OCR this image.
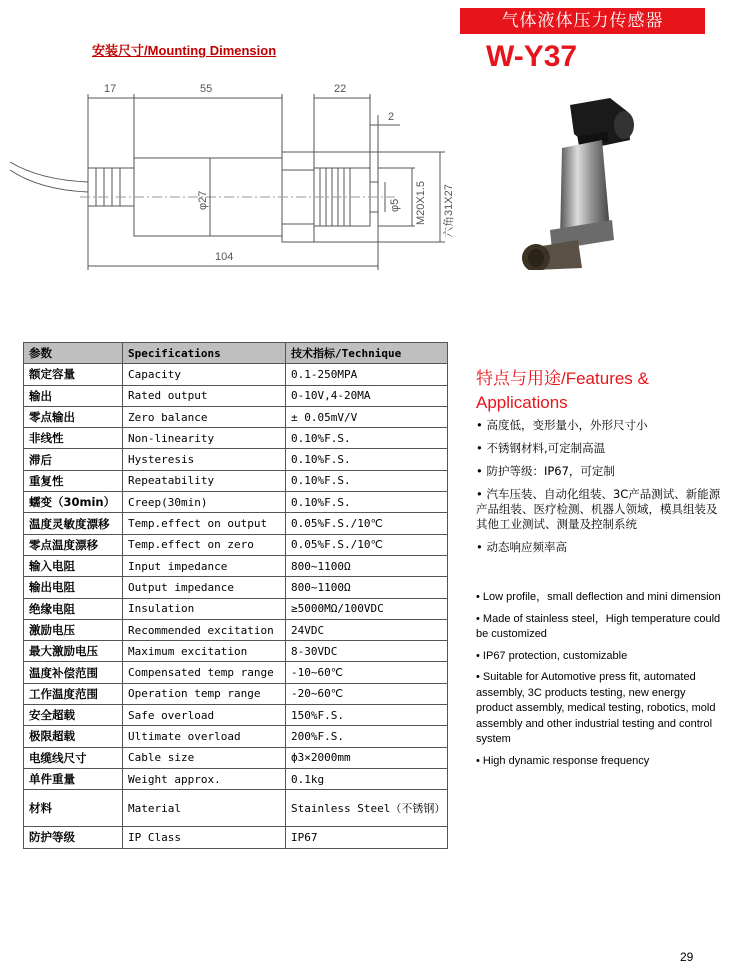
气体液体压力传感器
W-Y37
安装尺寸/Mounting Dimension
17	55	22
2
104
φ27	φ5 M20X1.5 六角31X27
参数	Specifications	技术指标/Technique
额定容量	Capacity	0.1-250MPA
输出	Rated output	0-10V,4-20MA
零点输出	Zero balance	± 0.05mV/V
非线性	Non-linearity	0.10%F.S.
滞后	Hysteresis	0.10%F.S.
重复性	Repeatability	0.10%F.S.
蠕变（30min）	Creep(30min)	0.10%F.S.
温度灵敏度漂移	Temp.effect on output	0.05%F.S./10℃
零点温度漂移	Temp.effect on zero	0.05%F.S./10℃
输入电阻	Input impedance	800~1100Ω
输出电阻	Output impedance	800~1100Ω
绝缘电阻	Insulation	≥5000MΩ/100VDC
激励电压	Recommended excitation	24VDC
最大激励电压	Maximum excitation	8-30VDC
温度补偿范围	Compensated temp range	-10~60℃
工作温度范围	Operation temp range	-20~60℃
安全超载	Safe overload	150%F.S.
极限超载	Ultimate overload	200%F.S.
电缆线尺寸	Cable size	ф3×2000mm
单件重量	Weight approx.	0.1kg
材料	Material	Stainless Steel（不锈钢）
防护等级	IP Class	IP67
特点与用途/Features & Applications
• 高度低，变形量小，外形尺寸小
• 不锈钢材料,可定制高温
• 防护等级：IP67，可定制
• 汽车压装、自动化组装、3C产品测试、新能源产品组装、医疗检测、机器人领域，模具组装及其他工业测试、测量及控制系统
• 动态响应频率高
• Low profile，small deflection and mini dimension
• Made of stainless steel，High temperature could be customized
• IP67 protection, customizable
• Suitable for Automotive press fit, automated assembly, 3C products testing, new energy product assembly, medical testing, robotics, mold assembly and other industrial testing and control system
• High dynamic response frequency
29
